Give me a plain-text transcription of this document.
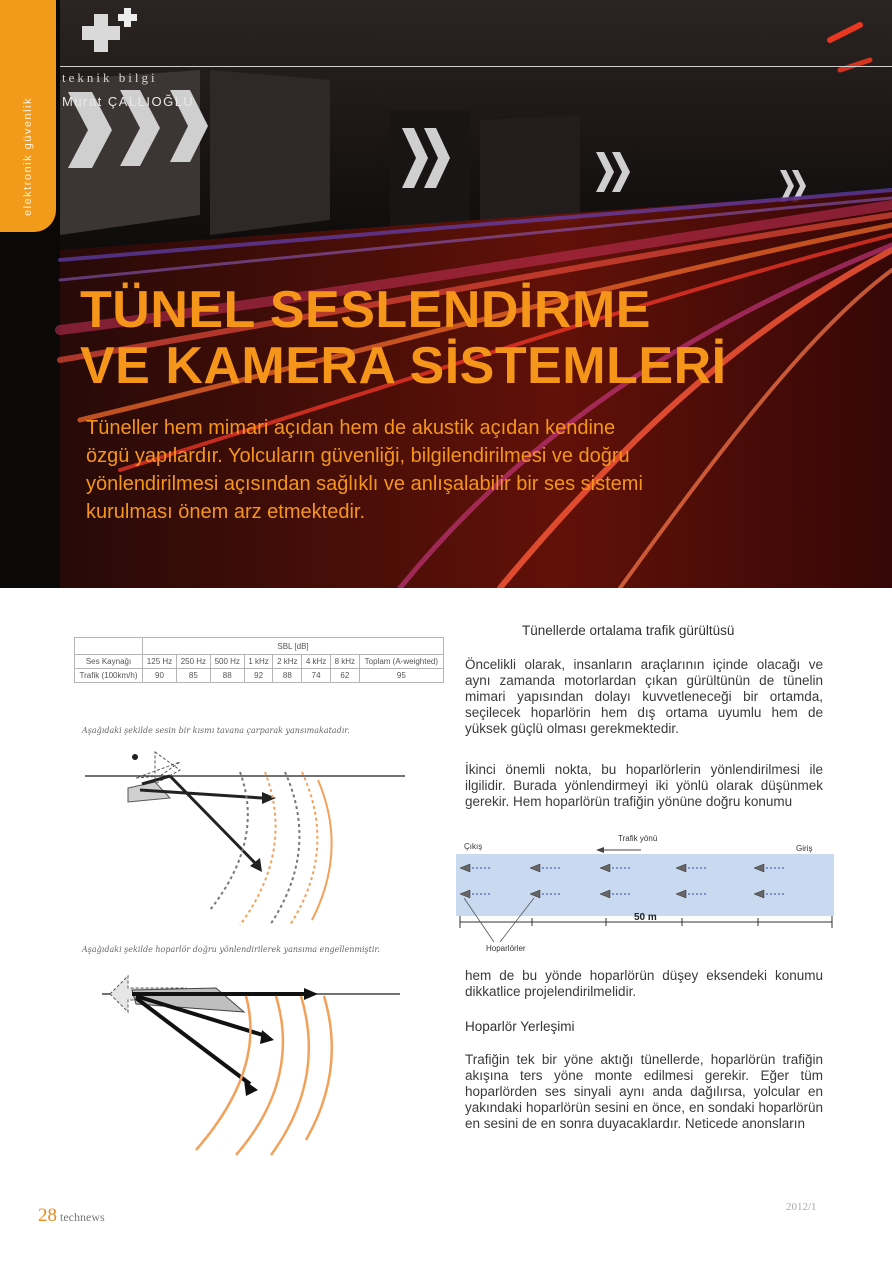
elektronik güvenlik
teknik bilgi
Murat ÇALLIOĞLU
TÜNEL SESLENDİRME
VE KAMERA SİSTEMLERİ

Tüneller hem mimari açıdan hem de akustik açıdan kendine özgü yapılardır. Yolcuların güvenliği, bilgilendirilmesi ve doğru yönlendirilmesi açısından sağlıklı ve anlışalabilir bir ses sistemi kurulması önem arz etmektedir.

	SBL [dB]							
Ses Kaynağı	125 Hz	250 Hz	500 Hz	1 kHz	2 kHz	4 kHz	8 kHz	Toplam (A-weighted)
Trafik (100km/h)	90	85	88	92	88	74	62	95
Aşağıdaki şekilde sesin bir kısmı tavana çarparak yansımakatadır.
Aşağıdaki şekilde hoparlör doğru yönlendirilerek yansıma engellenmiştir.
Tünellerde ortalama trafik gürültüsü

Öncelikli olarak, insanların araçlarının içinde olacağı ve aynı zamanda motorlardan çıkan gürültünün de tünelin mimari yapısından dolayı kuvvetleneceği bir ortamda, seçilecek hoparlörin hem dış ortama uyumlu hem de yüksek güçlü olması gerekmektedir.

İkinci önemli nokta, bu hoparlörlerin yönlendirilmesi ile ilgilidir. Burada yönlendirmeyi iki yönlü olarak düşünmek gerekir. Hem hoparlörün trafiğin yönüne doğru konumu

Çıkış
Trafik yönü
Giriş
50 m
Hoparlörler

hem de bu yönde hoparlörün düşey eksendeki konumu dikkatlice projelendirilmelidir.

Hoparlör Yerleşimi

Trafiğin tek bir yöne aktığı tünellerde, hoparlörün trafiğin akışına ters yöne monte edilmesi gerekir. Eğer tüm hoparlörden ses sinyali aynı anda dağılırsa, yolcular en yakındaki hoparlörün sesini en önce, en sondaki hoparlörün en sesini de en sonra duyacaklardır. Neticede anonsların

28 technews
2012/1
